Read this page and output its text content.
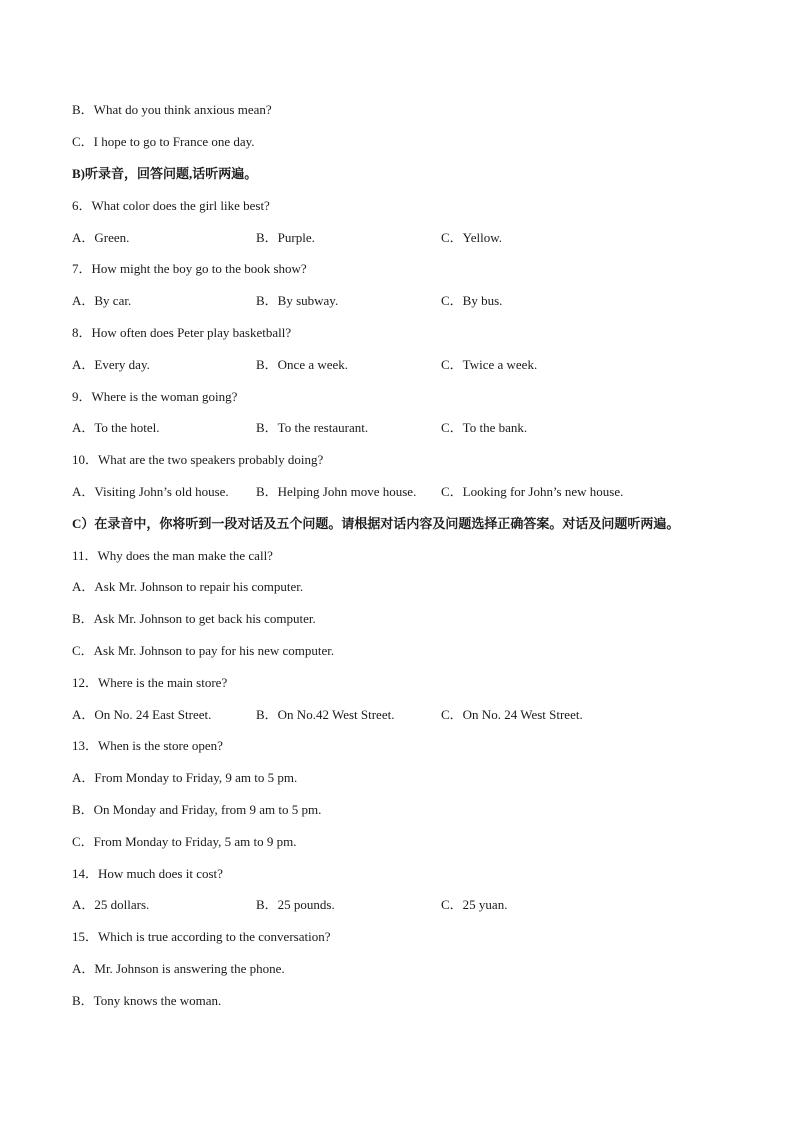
B．What do you think anxious mean?
C．I hope to go to France one day.
B)听录音，回答问题,话听两遍。
6．What color does the girl like best?
A．Green.	B．Purple.	C．Yellow.
7．How might the boy go to the book show?
A．By car.	B．By subway.	C．By bus.
8．How often does Peter play basketball?
A．Every day.	B．Once a week.	C．Twice a week.
9．Where is the woman going?
A．To the hotel.	B．To the restaurant.	C．To the bank.
10．What are the two speakers probably doing?
A．Visiting John’s old house. B．Helping John move house. C．Looking for John’s new house.
C）在录音中，你将听到一段对话及五个问题。请根据对话内容及问题选择正确答案。对话及问题听两遍。
11．Why does the man make the call?
A．Ask Mr. Johnson to repair his computer.
B．Ask Mr. Johnson to get back his computer.
C．Ask Mr. Johnson to pay for his new computer.
12．Where is the main store?
A．On No. 24 East Street.	B．On No.42 West Street.	C．On No. 24 West Street.
13．When is the store open?
A．From Monday to Friday, 9 am to 5 pm.
B．On Monday and Friday, from 9 am to 5 pm.
C．From Monday to Friday, 5 am to 9 pm.
14．How much does it cost?
A．25 dollars.	B．25 pounds.	C．25 yuan.
15．Which is true according to the conversation?
A．Mr. Johnson is answering the phone.
B．Tony knows the woman.
